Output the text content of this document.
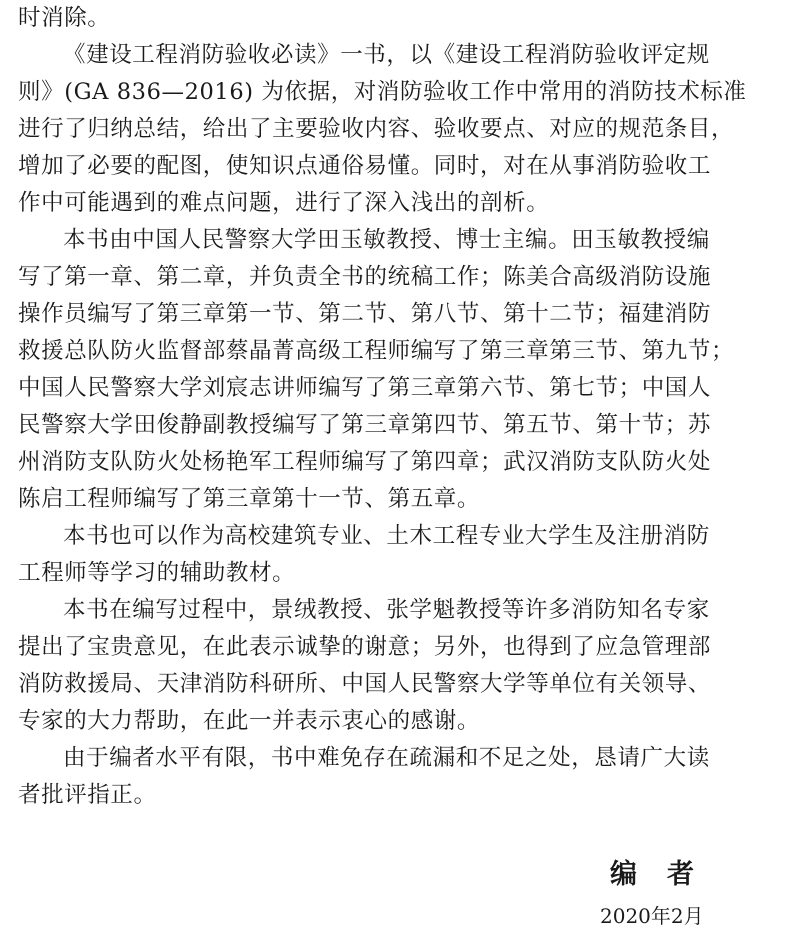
时消除。
《建设工程消防验收必读》一书，以《建设工程消防验收评定规
则》(GA 836—2016) 为依据，对消防验收工作中常用的消防技术标准
进行了归纳总结，给出了主要验收内容、验收要点、对应的规范条目，
增加了必要的配图，使知识点通俗易懂。同时，对在从事消防验收工
作中可能遇到的难点问题，进行了深入浅出的剖析。
本书由中国人民警察大学田玉敏教授、博士主编。田玉敏教授编
写了第一章、第二章，并负责全书的统稿工作；陈美合高级消防设施
操作员编写了第三章第一节、第二节、第八节、第十二节；福建消防
救援总队防火监督部蔡晶菁高级工程师编写了第三章第三节、第九节；
中国人民警察大学刘宸志讲师编写了第三章第六节、第七节；中国人
民警察大学田俊静副教授编写了第三章第四节、第五节、第十节；苏
州消防支队防火处杨艳军工程师编写了第四章；武汉消防支队防火处
陈启工程师编写了第三章第十一节、第五章。
本书也可以作为高校建筑专业、土木工程专业大学生及注册消防
工程师等学习的辅助教材。
本书在编写过程中，景绒教授、张学魁教授等许多消防知名专家
提出了宝贵意见，在此表示诚挚的谢意；另外，也得到了应急管理部
消防救援局、天津消防科研所、中国人民警察大学等单位有关领导、
专家的大力帮助，在此一并表示衷心的感谢。
由于编者水平有限，书中难免存在疏漏和不足之处，恳请广大读
者批评指正。
编者
2020年2月
